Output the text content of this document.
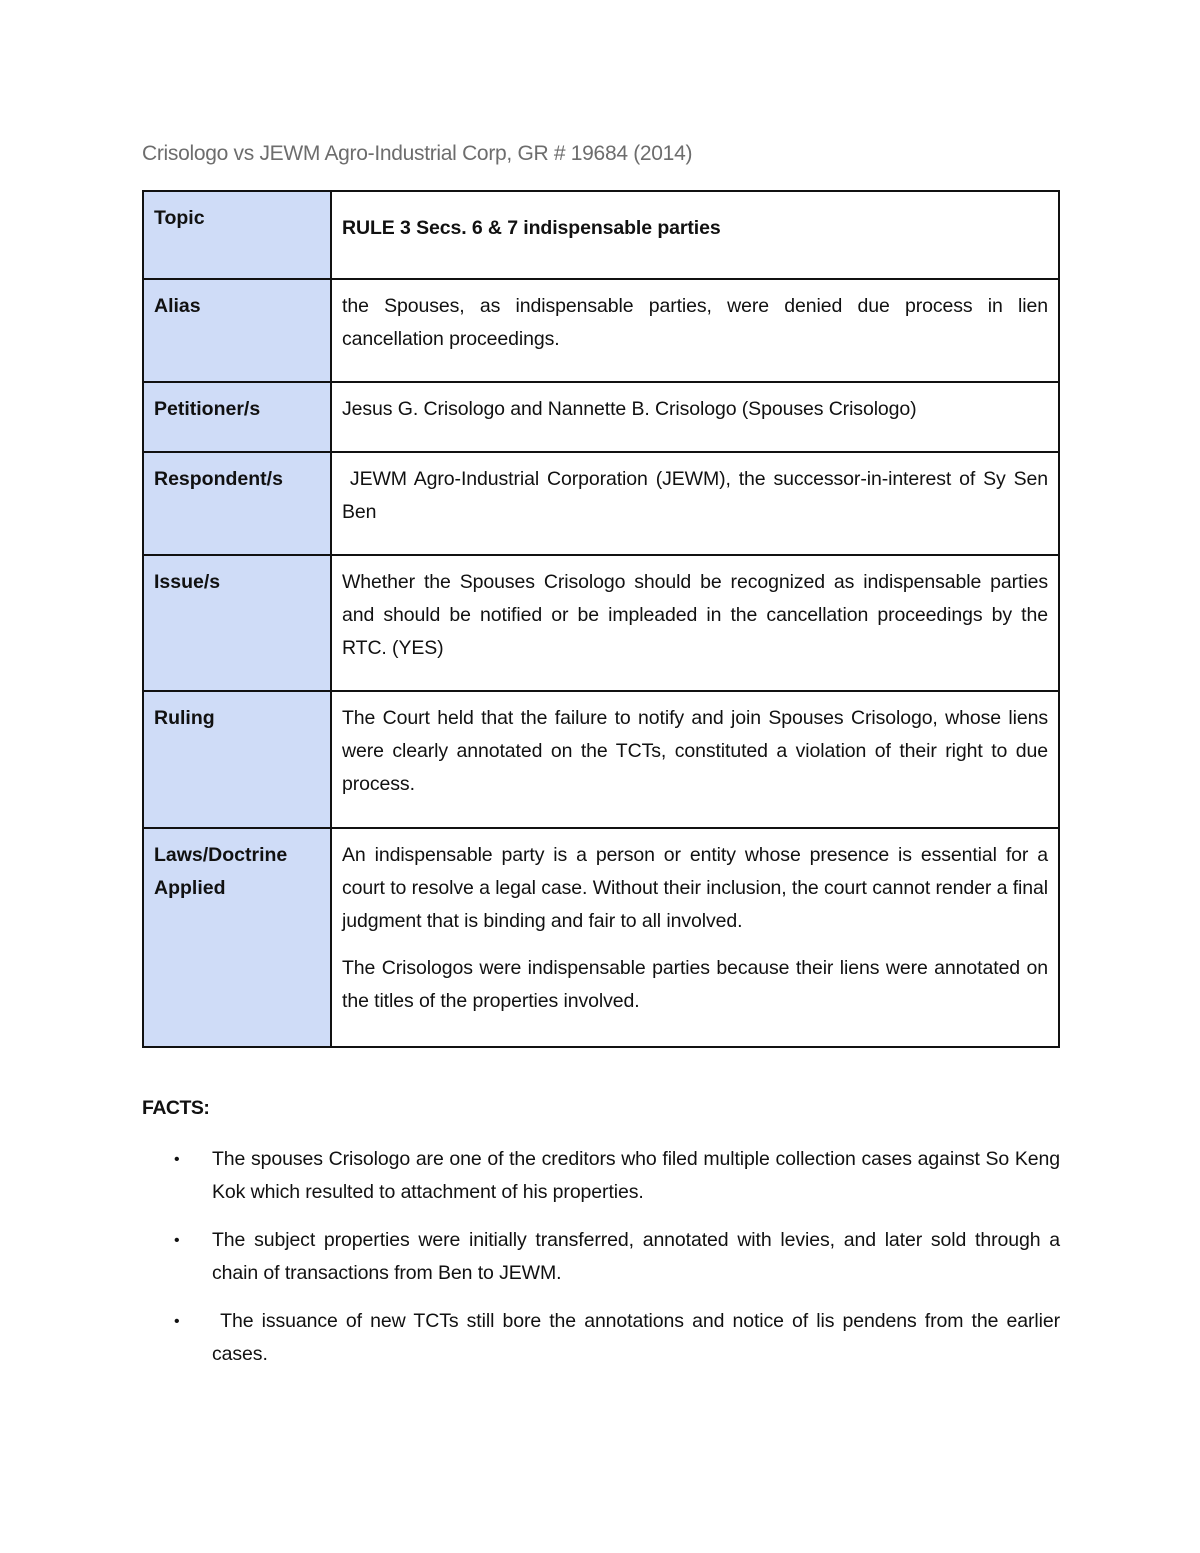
Crisologo vs JEWM Agro-Industrial Corp, GR # 19684 (2014)
Topic	RULE 3 Secs. 6 & 7 indispensable parties
Alias	the Spouses, as indispensable parties, were denied due process in lien cancellation proceedings.
Petitioner/s	Jesus G. Crisologo and Nannette B. Crisologo (Spouses Crisologo)
Respondent/s	JEWM Agro-Industrial Corporation (JEWM), the successor-in-interest of Sy Sen Ben
Issue/s	Whether the Spouses Crisologo should be recognized as indispensable parties and should be notified or be impleaded in the cancellation proceedings by the RTC. (YES)
Ruling	The Court held that the failure to notify and join Spouses Crisologo, whose liens were clearly annotated on the TCTs, constituted a violation of their right to due process.
Laws/Doctrine Applied	An indispensable party is a person or entity whose presence is essential for a court to resolve a legal case. Without their inclusion, the court cannot render a final judgment that is binding and fair to all involved.

The Crisologos were indispensable parties because their liens were annotated on the titles of the properties involved.

FACTS:
• The spouses Crisologo are one of the creditors who filed multiple collection cases against So Keng Kok which resulted to attachment of his properties.
• The subject properties were initially transferred, annotated with levies, and later sold through a chain of transactions from Ben to JEWM.
• The issuance of new TCTs still bore the annotations and notice of lis pendens from the earlier cases.
